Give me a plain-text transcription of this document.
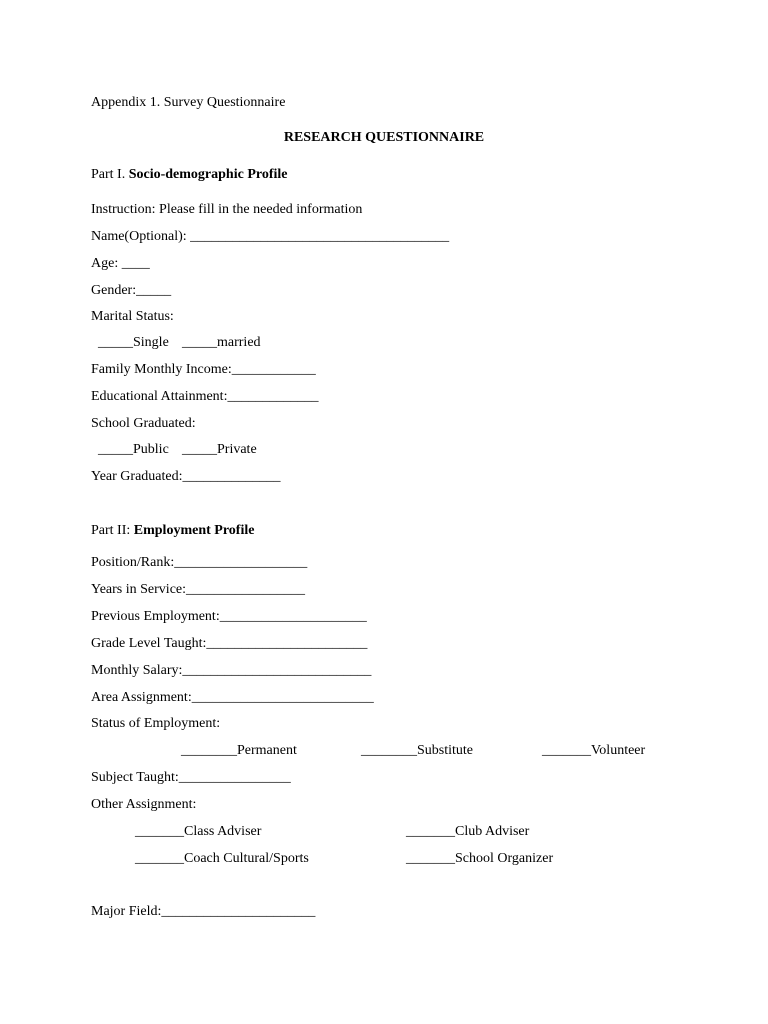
Appendix 1. Survey Questionnaire
RESEARCH QUESTIONNAIRE
Part I. Socio-demographic Profile
Instruction: Please fill in the needed information
Name(Optional): _____________________________________
Age: ____
Gender:_____
Marital Status:
_____Single _____married
Family Monthly Income:____________
Educational Attainment:_____________
School Graduated:
_____Public _____Private
Year Graduated:______________
Part II: Employment Profile
Position/Rank:___________________
Years in Service:_________________
Previous Employment:_____________________
Grade Level Taught:_______________________
Monthly Salary:___________________________
Area Assignment:__________________________
Status of Employment:
________Permanent	________Substitute	_______Volunteer
Subject Taught:________________
Other Assignment:
_______Class Adviser	_______Club Adviser
_______Coach Cultural/Sports	_______School Organizer
Major Field:______________________
